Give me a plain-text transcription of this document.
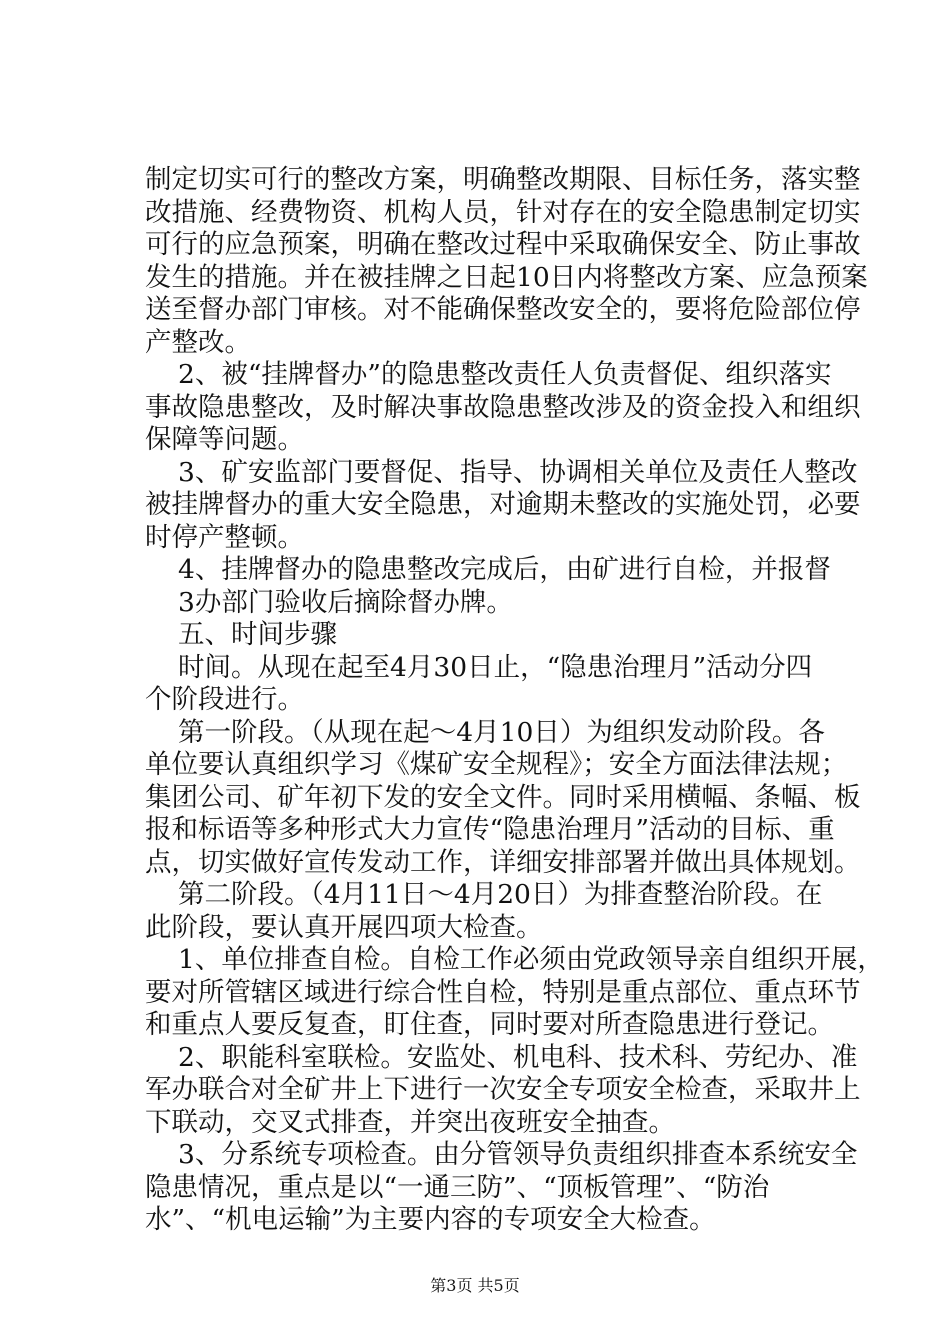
制定切实可行的整改方案，明确整改期限、目标任务，落实整
改措施、经费物资、机构人员，针对存在的安全隐患制定切实
可行的应急预案，明确在整改过程中采取确保安全、防止事故
发生的措施。并在被挂牌之日起10日内将整改方案、应急预案
送至督办部门审核。对不能确保整改安全的，要将危险部位停
产整改。
2、被“挂牌督办”的隐患整改责任人负责督促、组织落实
事故隐患整改，及时解决事故隐患整改涉及的资金投入和组织
保障等问题。
3、矿安监部门要督促、指导、协调相关单位及责任人整改
被挂牌督办的重大安全隐患，对逾期未整改的实施处罚，必要
时停产整顿。
4、挂牌督办的隐患整改完成后，由矿进行自检，并报督
3办部门验收后摘除督办牌。
五、时间步骤
时间。从现在起至4月30日止，“隐患治理月”活动分四
个阶段进行。
第一阶段。（从现在起～4月10日）为组织发动阶段。各
单位要认真组织学习《煤矿安全规程》；安全方面法律法规；
集团公司、矿年初下发的安全文件。同时采用横幅、条幅、板
报和标语等多种形式大力宣传“隐患治理月”活动的目标、重
点，切实做好宣传发动工作，详细安排部署并做出具体规划。
第二阶段。（4月11日～4月20日）为排查整治阶段。在
此阶段，要认真开展四项大检查。
1、单位排查自检。自检工作必须由党政领导亲自组织开展，
要对所管辖区域进行综合性自检，特别是重点部位、重点环节
和重点人要反复查，盯住查，同时要对所查隐患进行登记。
2、职能科室联检。安监处、机电科、技术科、劳纪办、准
军办联合对全矿井上下进行一次安全专项安全检查，采取井上
下联动，交叉式排查，并突出夜班安全抽查。
3、分系统专项检查。由分管领导负责组织排查本系统安全
隐患情况，重点是以“一通三防”、“顶板管理”、“防治
水”、“机电运输”为主要内容的专项安全大检查。
第3页 共5页
